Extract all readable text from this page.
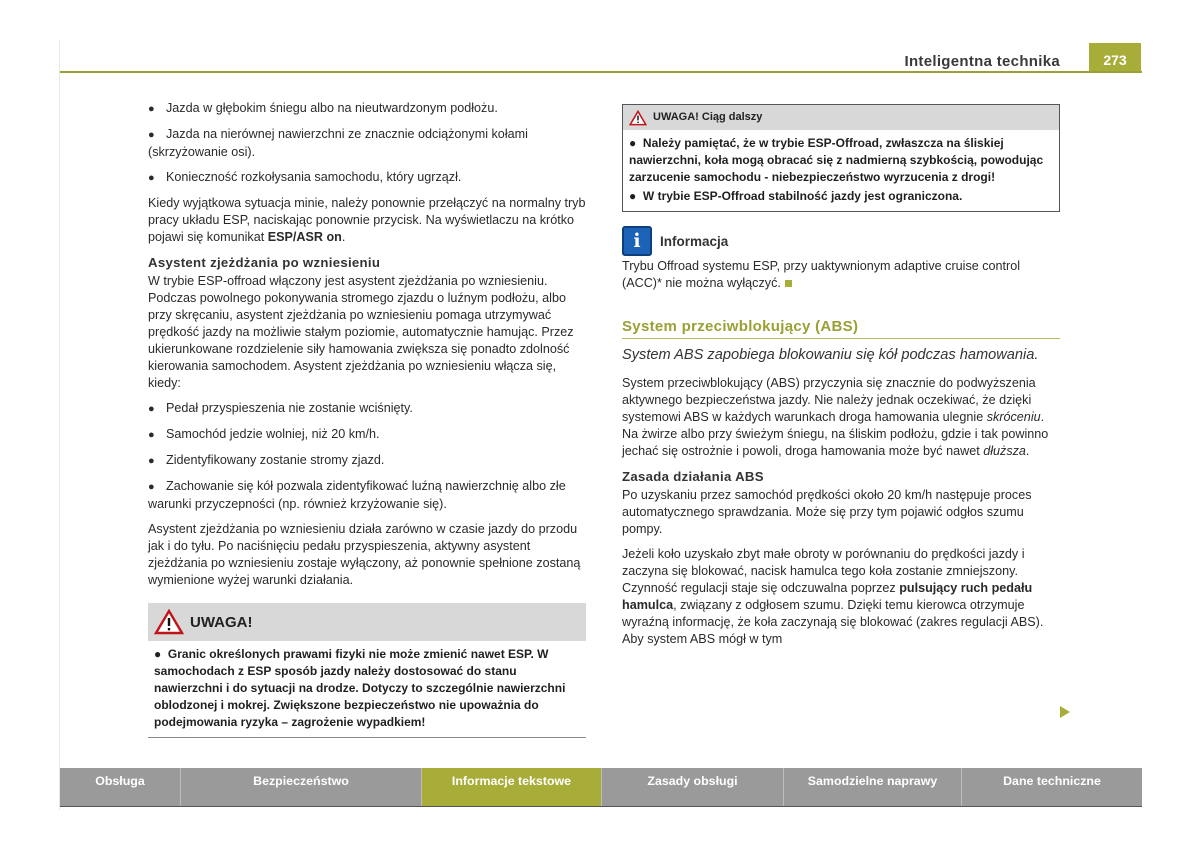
Inteligentna technika	273

● Jazda w głębokim śniegu albo na nieutwardzonym podłożu.

● Jazda na nierównej nawierzchni ze znacznie odciążonymi kołami (skrzyżowanie osi).

● Konieczność rozkołysania samochodu, który ugrzązł.

Kiedy wyjątkowa sytuacja minie, należy ponownie przełączyć na normalny tryb pracy układu ESP, naciskając ponownie przycisk. Na wyświetlaczu na krótko pojawi się komunikat ESP/ASR on.

Asystent zjeżdżania po wzniesieniu

W trybie ESP-offroad włączony jest asystent zjeżdżania po wzniesieniu. Podczas powolnego pokonywania stromego zjazdu o luźnym podłożu, albo przy skręcaniu, asystent zjeżdżania po wzniesieniu pomaga utrzymywać prędkość jazdy na możliwie stałym poziomie, automatycznie hamując. Przez ukierunkowane rozdzielenie siły hamowania zwiększa się ponadto zdolność kierowania samochodem. Asystent zjeżdżania po wzniesieniu włącza się, kiedy:

● Pedał przyspieszenia nie zostanie wciśnięty.

● Samochód jedzie wolniej, niż 20 km/h.

● Zidentyfikowany zostanie stromy zjazd.

● Zachowanie się kół pozwala zidentyfikować luźną nawierzchnię albo złe warunki przyczepności (np. również krzyżowanie się).

Asystent zjeżdżania po wzniesieniu działa zarówno w czasie jazdy do przodu jak i do tyłu. Po naciśnięciu pedału przyspieszenia, aktywny asystent zjeżdżania po wzniesieniu zostaje wyłączony, aż ponownie spełnione zostaną wymienione wyżej warunki działania.

UWAGA!

●  Granic określonych prawami fizyki nie może zmienić nawet ESP. W samochodach z ESP sposób jazdy należy dostosować do stanu nawierzchni i do sytuacji na drodze. Dotyczy to szczególnie nawierzchni oblodzonej i mokrej. Zwiększone bezpieczeństwo nie upoważnia do podejmowania ryzyka – zagrożenie wypadkiem!

UWAGA! Ciąg dalszy

●  Należy pamiętać, że w trybie ESP-Offroad, zwłaszcza na śliskiej nawierzchni, koła mogą obracać się z nadmierną szybkością, powodując zarzucenie samochodu - niebezpieczeństwo wyrzucenia z drogi!

●  W trybie ESP-Offroad stabilność jazdy jest ograniczona.

i	Informacja

Trybu Offroad systemu ESP, przy uaktywnionym adaptive cruise control (ACC)* nie można wyłączyć.

System przeciwblokujący (ABS)
System ABS zapobiega blokowaniu się kół podczas hamowania.

System przeciwblokujący (ABS) przyczynia się znacznie do podwyższenia aktywnego bezpieczeństwa jazdy. Nie należy jednak oczekiwać, że dzięki systemowi ABS w każdych warunkach droga hamowania ulegnie skróceniu. Na żwirze albo przy świeżym śniegu, na śliskim podłożu, gdzie i tak powinno jechać się ostrożnie i powoli, droga hamowania może być nawet dłuższa.

Zasada działania ABS

Po uzyskaniu przez samochód prędkości około 20 km/h następuje proces automatycznego sprawdzania. Może się przy tym pojawić odgłos szumu pompy.

Jeżeli koło uzyskało zbyt małe obroty w porównaniu do prędkości jazdy i zaczyna się blokować, nacisk hamulca tego koła zostanie zmniejszony. Czynność regulacji staje się odczuwalna poprzez pulsujący ruch pedału hamulca, związany z odgłosem szumu. Dzięki temu kierowca otrzymuje wyraźną informację, że koła zaczynają się blokować (zakres regulacji ABS). Aby system ABS mógł w tym

Obsługa	Bezpieczeństwo	Informacje tekstowe	Zasady obsługi	Samodzielne naprawy	Dane techniczne
